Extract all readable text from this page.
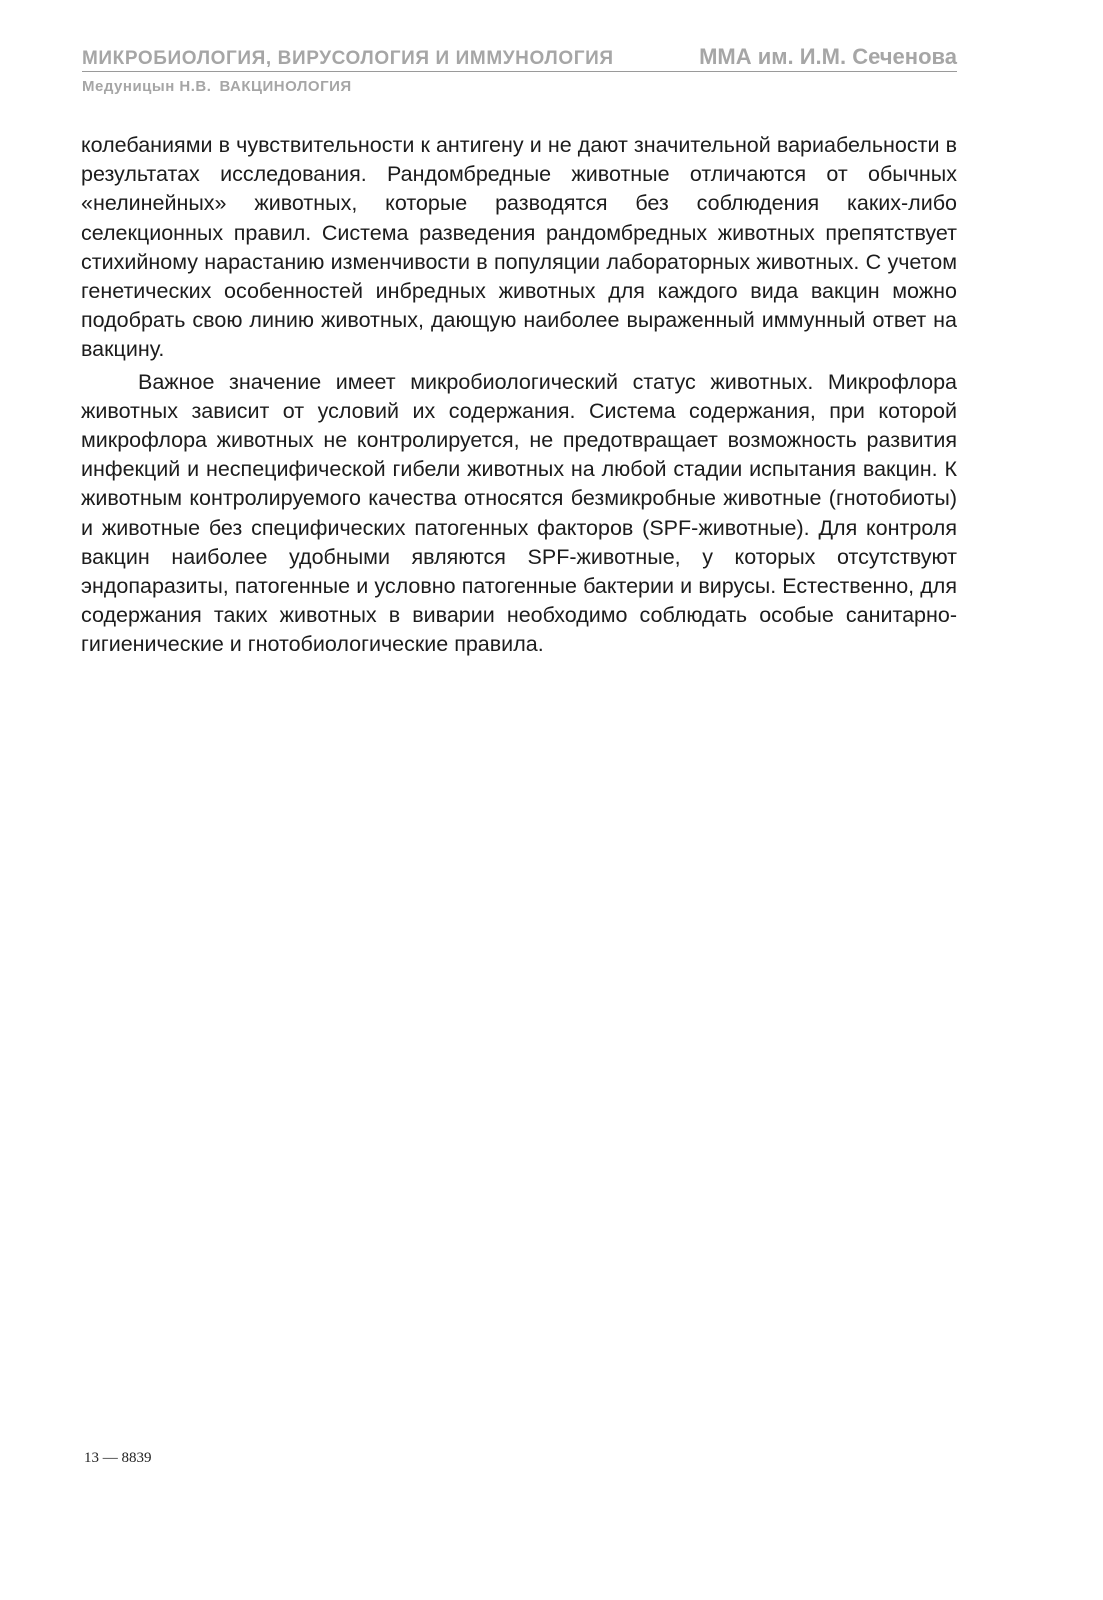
МИКРОБИОЛОГИЯ, ВИРУСОЛОГИЯ И ИММУНОЛОГИЯ	ММА им. И.М. Сеченова
Медуницын Н.В. ВАКЦИНОЛОГИЯ

колебаниями в чувствительности к антигену и не дают значительной вариабельности в результатах исследования. Рандомбредные животные отличаются от обычных «нелинейных» животных, которые разводятся без соблюдения каких-либо селекционных правил. Система разведения рандомбредных животных препятствует стихийному нарастанию изменчивости в популяции лабораторных животных. С учетом генетических особенностей инбредных животных для каждого вида вакцин можно подобрать свою линию животных, дающую наиболее выраженный иммунный ответ на вакцину.

Важное значение имеет микробиологический статус животных. Микрофлора животных зависит от условий их содержания. Система содержания, при которой микрофлора животных не контролируется, не предотвращает возможность развития инфекций и неспецифической гибели животных на любой стадии испытания вакцин. К животным контролируемого качества относятся безмикробные животные (гнотобиоты) и животные без специфических патогенных факторов (SPF-животные). Для контроля вакцин наиболее удобными являются SPF-животные, у которых отсутствуют эндопаразиты, патогенные и условно патогенные бактерии и вирусы. Естественно, для содержания таких животных в виварии необходимо соблюдать особые санитарно-гигиенические и гнотобиологические правила.

13 — 8839
